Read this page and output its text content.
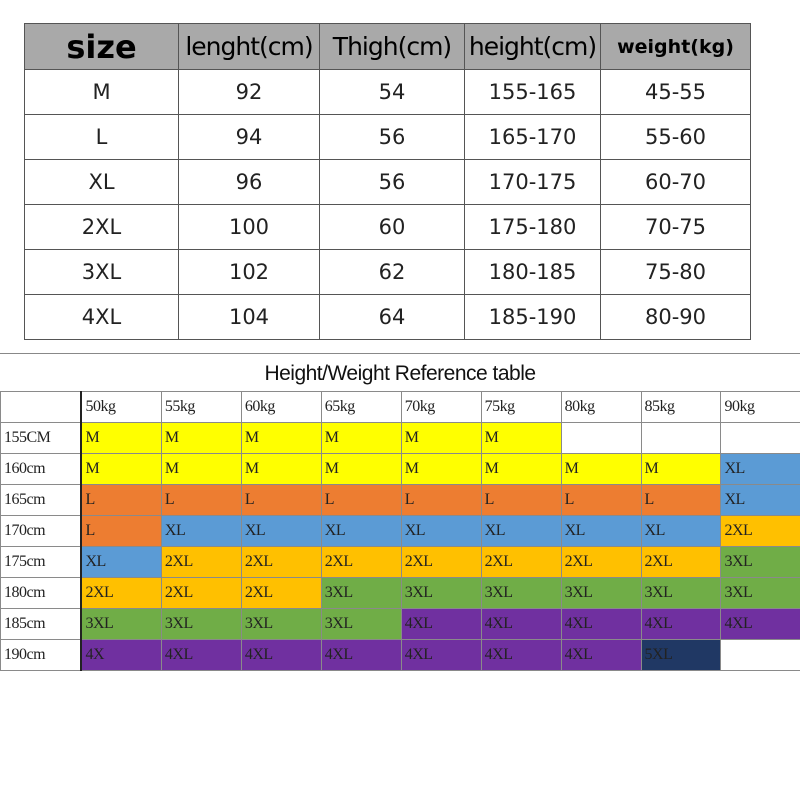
size	lenght(cm)	Thigh(cm)	height(cm)	weight(kg)
M	92	54	155-165	45-55
L	94	56	165-170	55-60
XL	96	56	170-175	60-70
2XL	100	60	175-180	70-75
3XL	102	62	180-185	75-80
4XL	104	64	185-190	80-90
Height/Weight Reference table
	50kg	55kg	60kg	65kg	70kg	75kg	80kg	85kg	90kg
155CM	M	M	M	M	M	M			
160cm	M	M	M	M	M	M	M	M	XL
165cm	L	L	L	L	L	L	L	L	XL
170cm	L	XL	XL	XL	XL	XL	XL	XL	2XL
175cm	XL	2XL	2XL	2XL	2XL	2XL	2XL	2XL	3XL
180cm	2XL	2XL	2XL	3XL	3XL	3XL	3XL	3XL	3XL
185cm	3XL	3XL	3XL	3XL	4XL	4XL	4XL	4XL	4XL
190cm	4X	4XL	4XL	4XL	4XL	4XL	4XL	5XL	
